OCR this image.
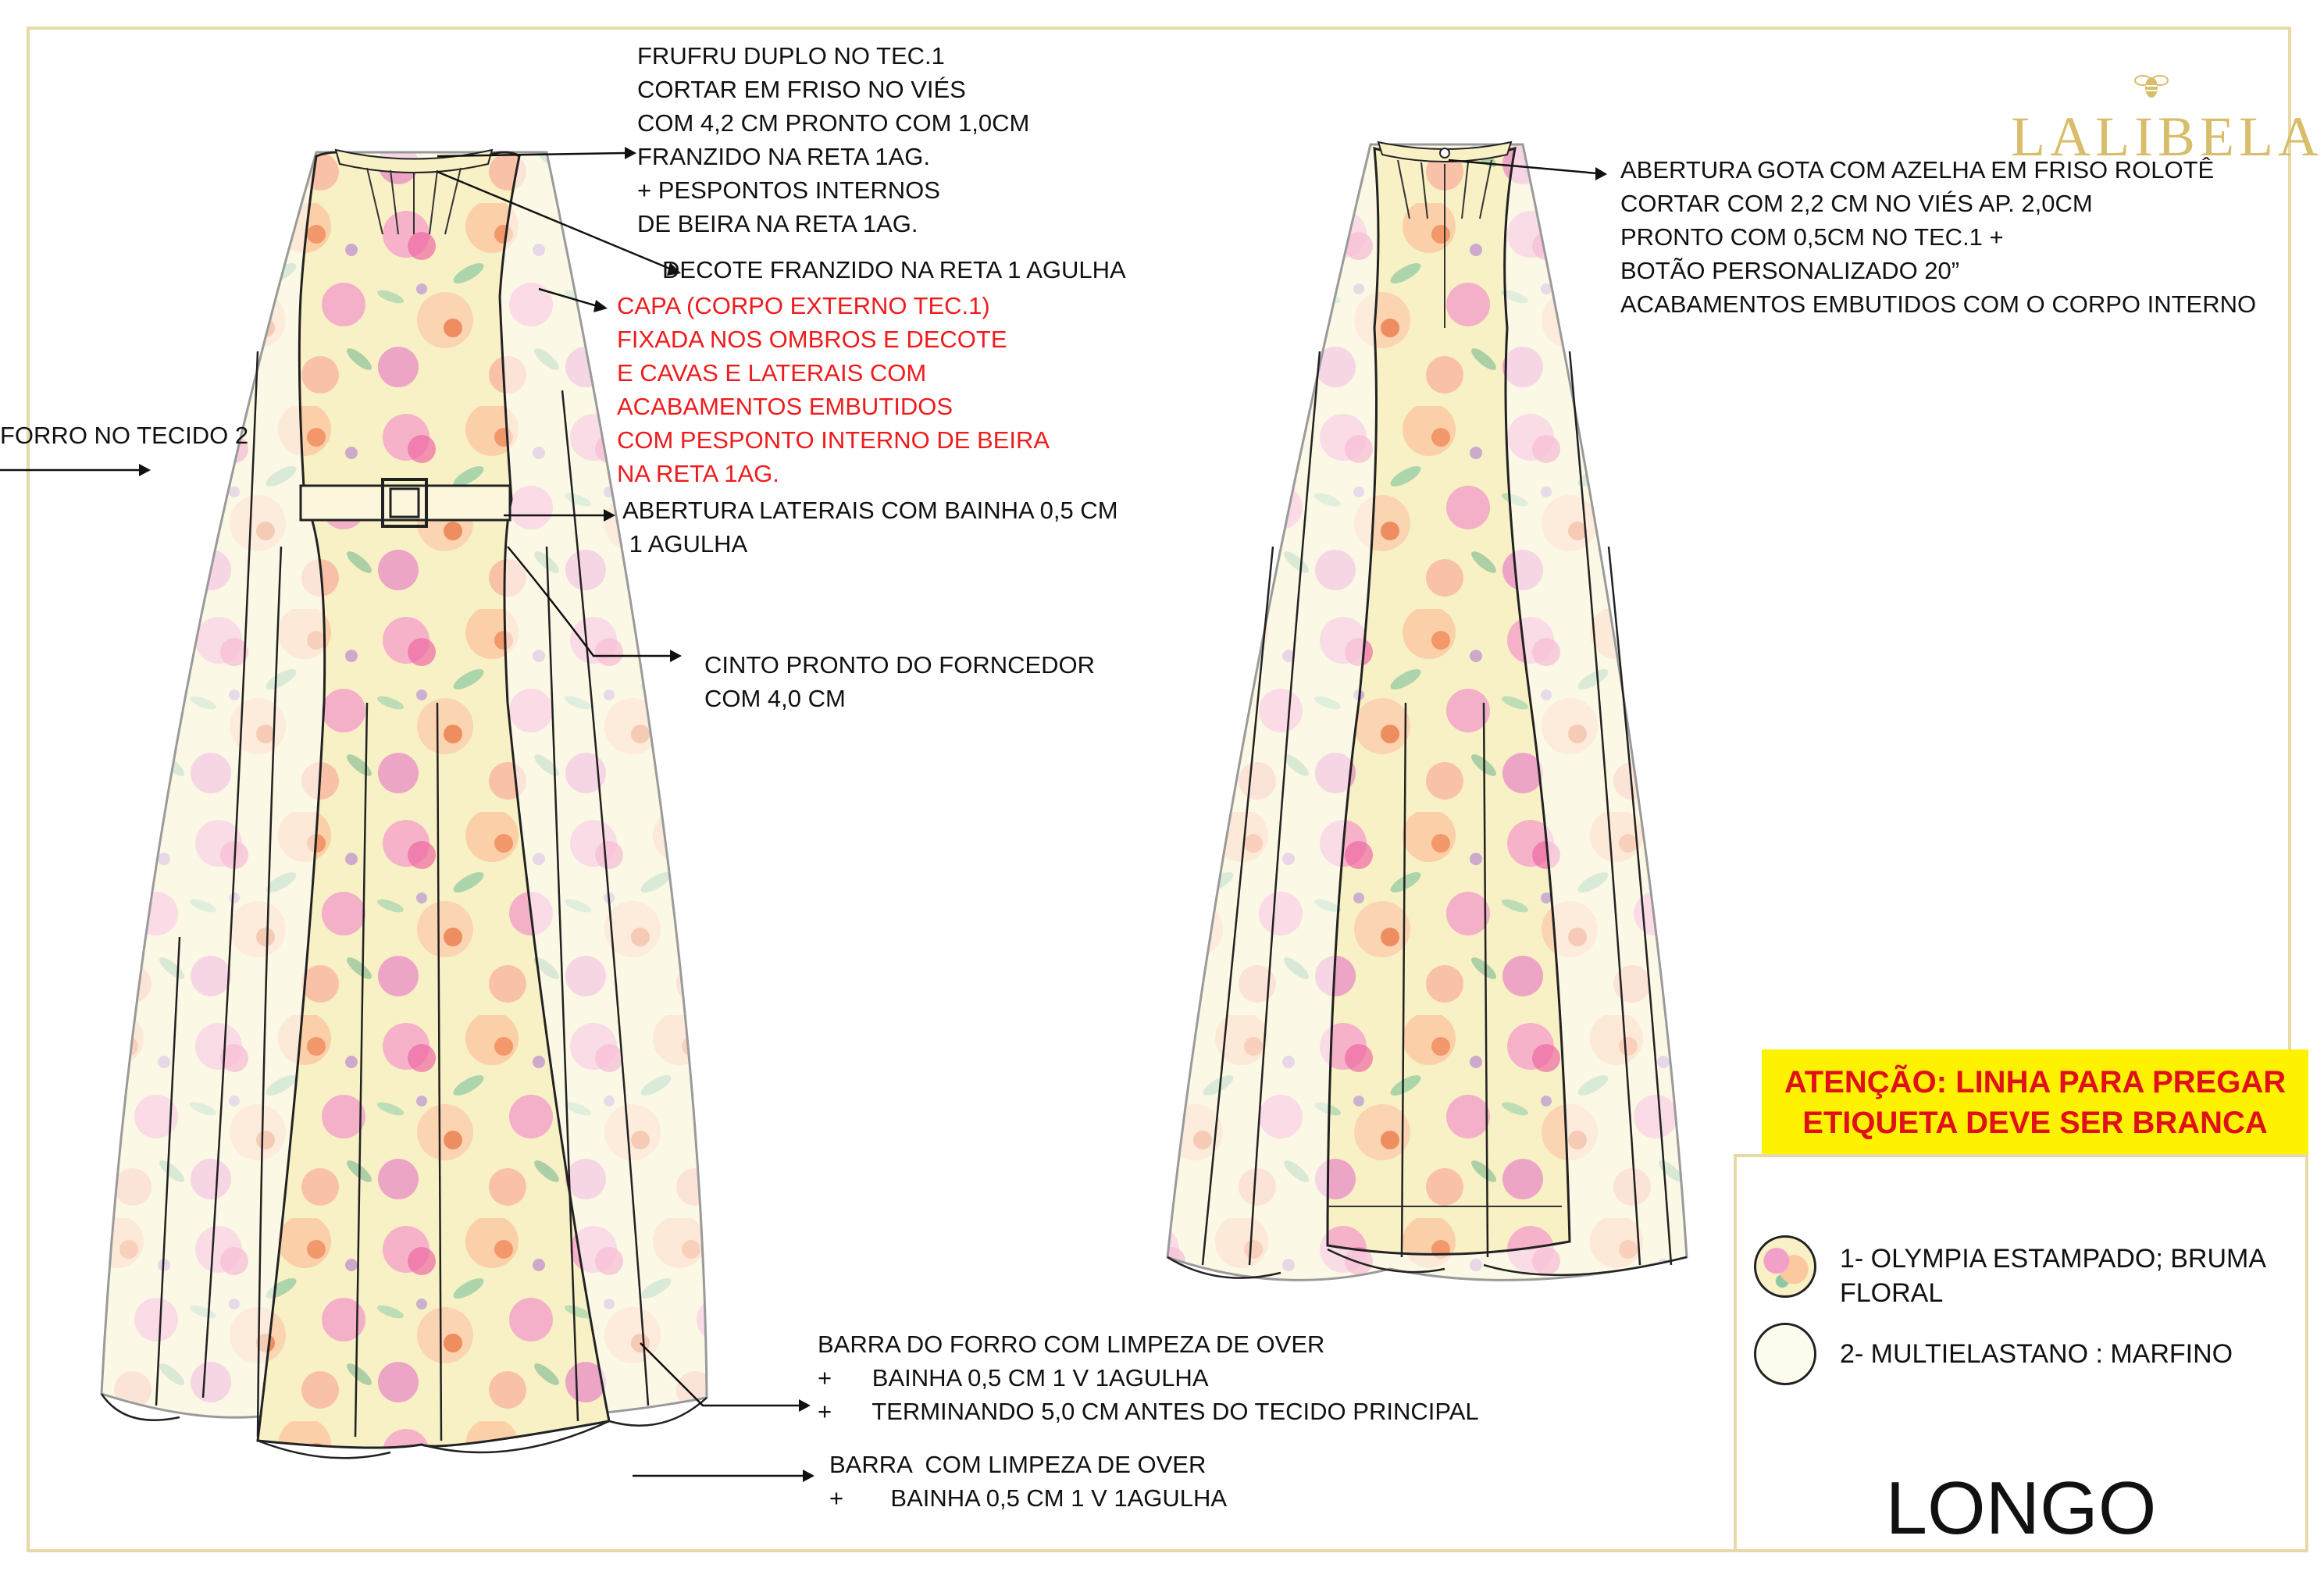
FRUFRU DUPLO NO TEC.1
CORTAR EM FRISO NO VIÉS
COM 4,2 CM PRONTO COM 1,0CM
FRANZIDO NA RETA 1AG.
+ PESPONTOS INTERNOS
DE BEIRA NA RETA 1AG.

DECOTE FRANZIDO NA RETA 1 AGULHA

CAPA (CORPO EXTERNO TEC.1)
FIXADA NOS OMBROS E DECOTE
E CAVAS E LATERAIS COM
ACABAMENTOS EMBUTIDOS
COM PESPONTO INTERNO DE BEIRA
NA RETA 1AG.

FORRO NO TECIDO 2

ABERTURA LATERAIS COM BAINHA 0,5 CM
1 AGULHA

CINTO PRONTO DO FORNCEDOR
COM 4,0 CM

BARRA DO FORRO COM LIMPEZA DE OVER
+      BAINHA 0,5 CM 1 V 1AGULHA
+      TERMINANDO 5,0 CM ANTES DO TECIDO PRINCIPAL

BARRA  COM LIMPEZA DE OVER
+       BAINHA 0,5 CM 1 V 1AGULHA

ABERTURA GOTA COM AZELHA EM FRISO ROLOTÊ
CORTAR COM 2,2 CM NO VIÉS AP. 2,0CM
PRONTO COM 0,5CM NO TEC.1 +
BOTÃO PERSONALIZADO 20”
ACABAMENTOS EMBUTIDOS COM O CORPO INTERNO

LALIBELA
ATENÇÃO: LINHA PARA PREGAR
ETIQUETA DEVE SER BRANCA
1- OLYMPIA ESTAMPADO; BRUMA
FLORAL
2- MULTIELASTANO : MARFINO
LONGO
